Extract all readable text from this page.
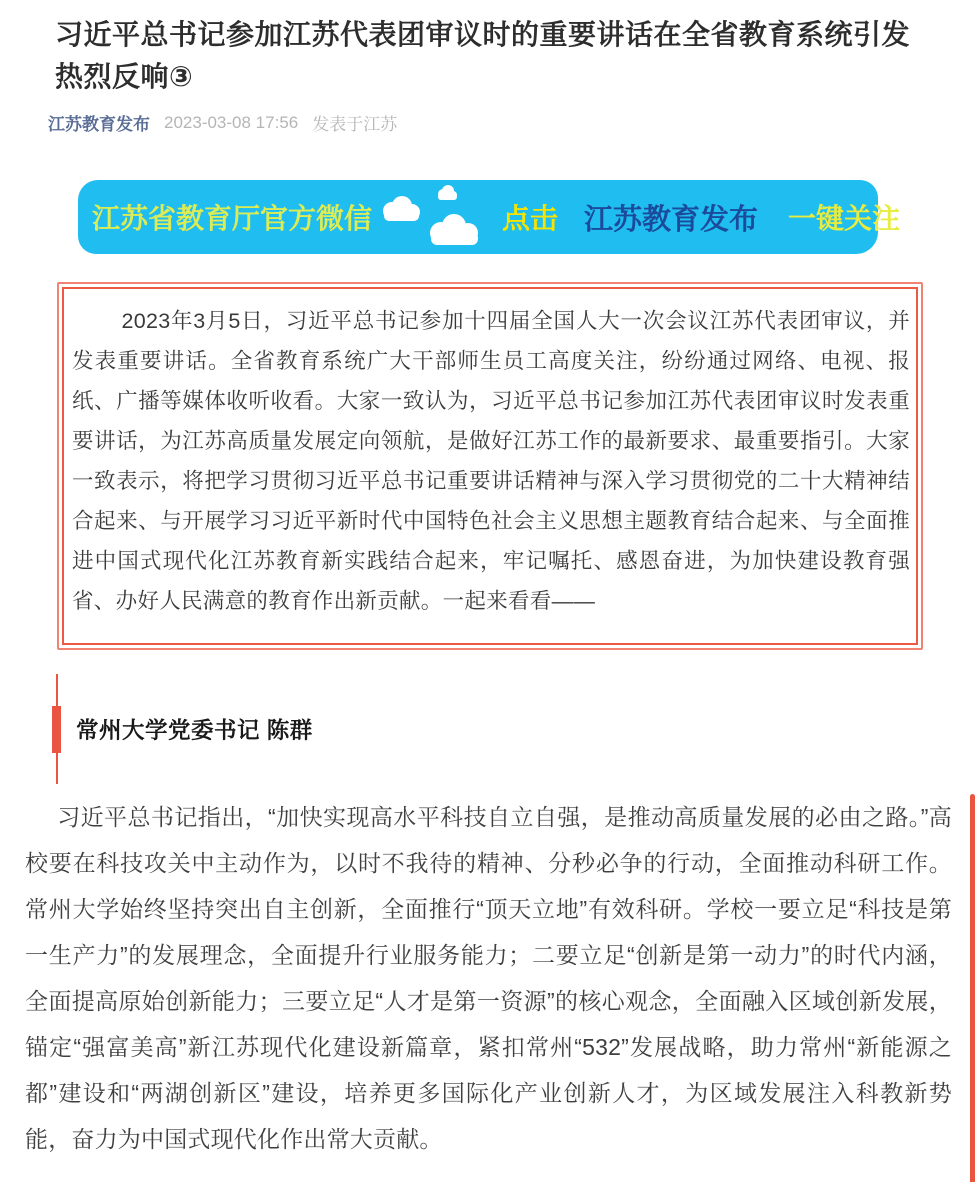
习近平总书记参加江苏代表团审议时的重要讲话在全省教育系统引发热烈反响③
江苏教育发布 2023-03-08 17:56 发表于江苏
江苏省教育厅官方微信	点击 江苏教育发布 一键关注

2023年3月5日，习近平总书记参加十四届全国人大一次会议江苏代表团审议，并发表重要讲话。全省教育系统广大干部师生员工高度关注，纷纷通过网络、电视、报纸、广播等媒体收听收看。大家一致认为，习近平总书记参加江苏代表团审议时发表重要讲话，为江苏高质量发展定向领航，是做好江苏工作的最新要求、最重要指引。大家一致表示，将把学习贯彻习近平总书记重要讲话精神与深入学习贯彻党的二十大精神结合起来、与开展学习习近平新时代中国特色社会主义思想主题教育结合起来、与全面推进中国式现代化江苏教育新实践结合起来，牢记嘱托、感恩奋进，为加快建设教育强省、办好人民满意的教育作出新贡献。一起来看看——

常州大学党委书记 陈群

习近平总书记指出，“加快实现高水平科技自立自强，是推动高质量发展的必由之路。”高校要在科技攻关中主动作为，以时不我待的精神、分秒必争的行动，全面推动科研工作。常州大学始终坚持突出自主创新，全面推行“顶天立地”有效科研。学校一要立足“科技是第一生产力”的发展理念，全面提升行业服务能力；二要立足“创新是第一动力”的时代内涵，全面提高原始创新能力；三要立足“人才是第一资源”的核心观念，全面融入区域创新发展，锚定“强富美高”新江苏现代化建设新篇章，紧扣常州“532”发展战略，助力常州“新能源之都”建设和“两湖创新区”建设，培养更多国际化产业创新人才，为区域发展注入科教新势能，奋力为中国式现代化作出常大贡献。
